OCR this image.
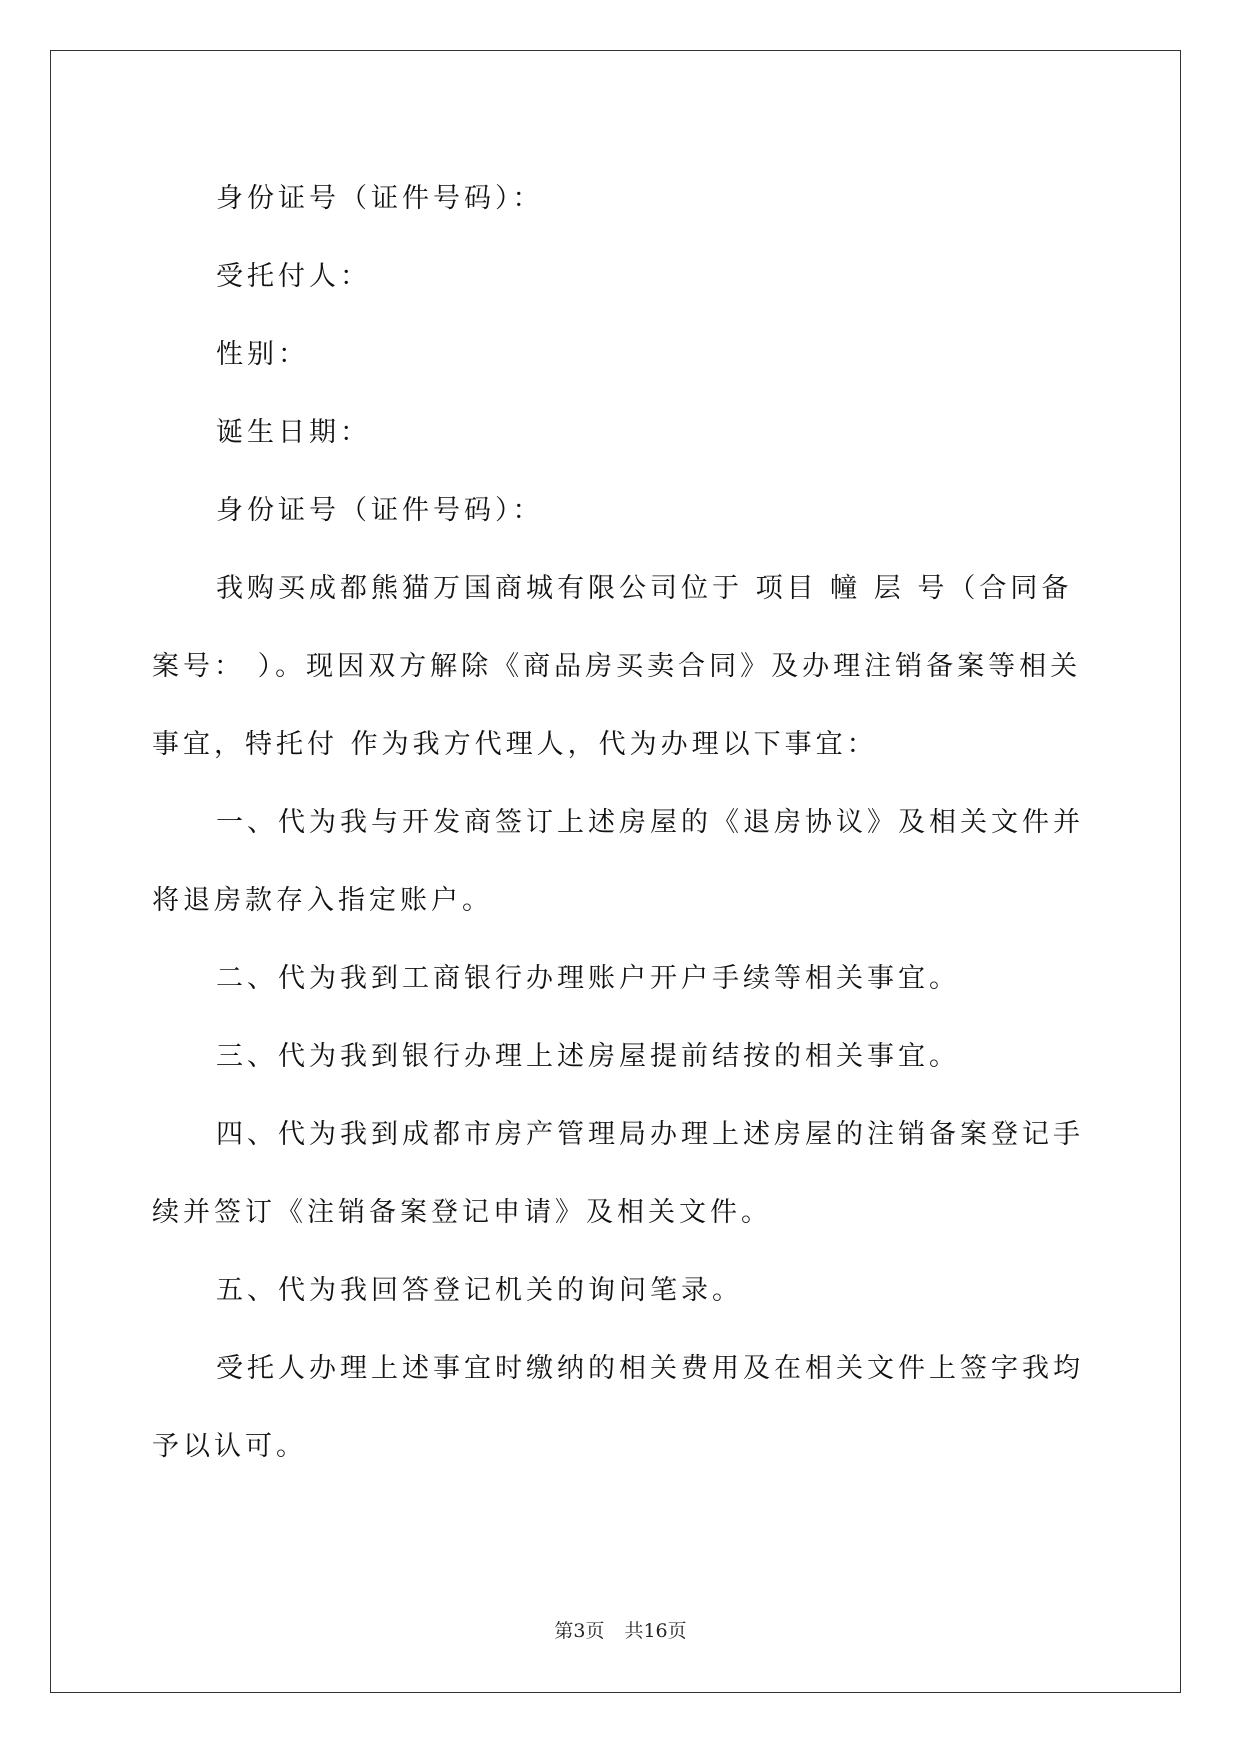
身份证号（证件号码）：

受托付人：

性别：

诞生日期：

身份证号（证件号码）：

我购买成都熊猫万国商城有限公司位于 项目 幢 层 号（合同备案号： ）。现因双方解除《商品房买卖合同》及办理注销备案等相关事宜，特托付 作为我方代理人，代为办理以下事宜：

一、代为我与开发商签订上述房屋的《退房协议》及相关文件并将退房款存入指定账户。

二、代为我到工商银行办理账户开户手续等相关事宜。

三、代为我到银行办理上述房屋提前结按的相关事宜。

四、代为我到成都市房产管理局办理上述房屋的注销备案登记手续并签订《注销备案登记申请》及相关文件。

五、代为我回答登记机关的询问笔录。

受托人办理上述事宜时缴纳的相关费用及在相关文件上签字我均予以认可。

第3页 共16页
